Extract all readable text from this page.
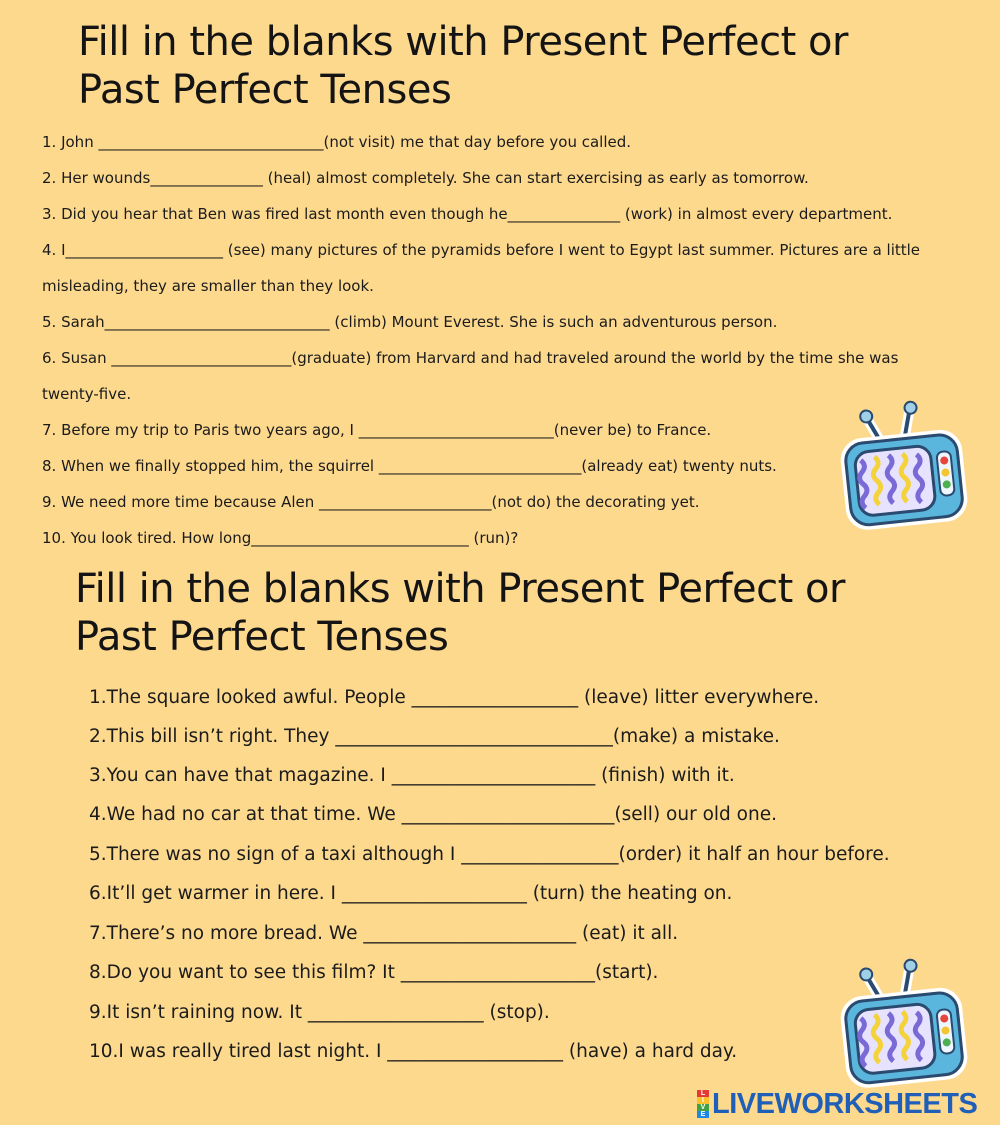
Fill in the blanks with Present Perfect or Past Perfect Tenses
1. John ______________________________(not visit) me that day before you called.
2. Her wounds_______________ (heal) almost completely. She can start exercising as early as tomorrow.
3. Did you hear that Ben was fired last month even though he_______________ (work) in almost every department.
4. I_____________________ (see) many pictures of the pyramids before I went to Egypt last summer. Pictures are a little
misleading, they are smaller than they look.
5. Sarah______________________________ (climb) Mount Everest. She is such an adventurous person.
6. Susan ________________________(graduate) from Harvard and had traveled around the world by the time she was
twenty-five.
7. Before my trip to Paris two years ago, I __________________________(never be) to France.
8. When we finally stopped him, the squirrel ___________________________(already eat) twenty nuts.
9. We need more time because Alen _______________________(not do) the decorating yet.
10. You look tired. How long_____________________________ (run)?
Fill in the blanks with Present Perfect or Past Perfect Tenses
1.The square looked awful. People __________________ (leave) litter everywhere.
2.This bill isn’t right. They ______________________________(make) a mistake.
3.You can have that magazine. I ______________________ (finish) with it.
4.We had no car at that time. We _______________________(sell) our old one.
5.There was no sign of a taxi although I _________________(order) it half an hour before.
6.It’ll get warmer in here. I ____________________ (turn) the heating on.
7.There’s no more bread. We _______________________ (eat) it all.
8.Do you want to see this film? It _____________________(start).
9.It isn’t raining now. It ___________________ (stop).
10.I was really tired last night. I ___________________ (have) a hard day.
L
I
V
E LIVEWORKSHEETS
